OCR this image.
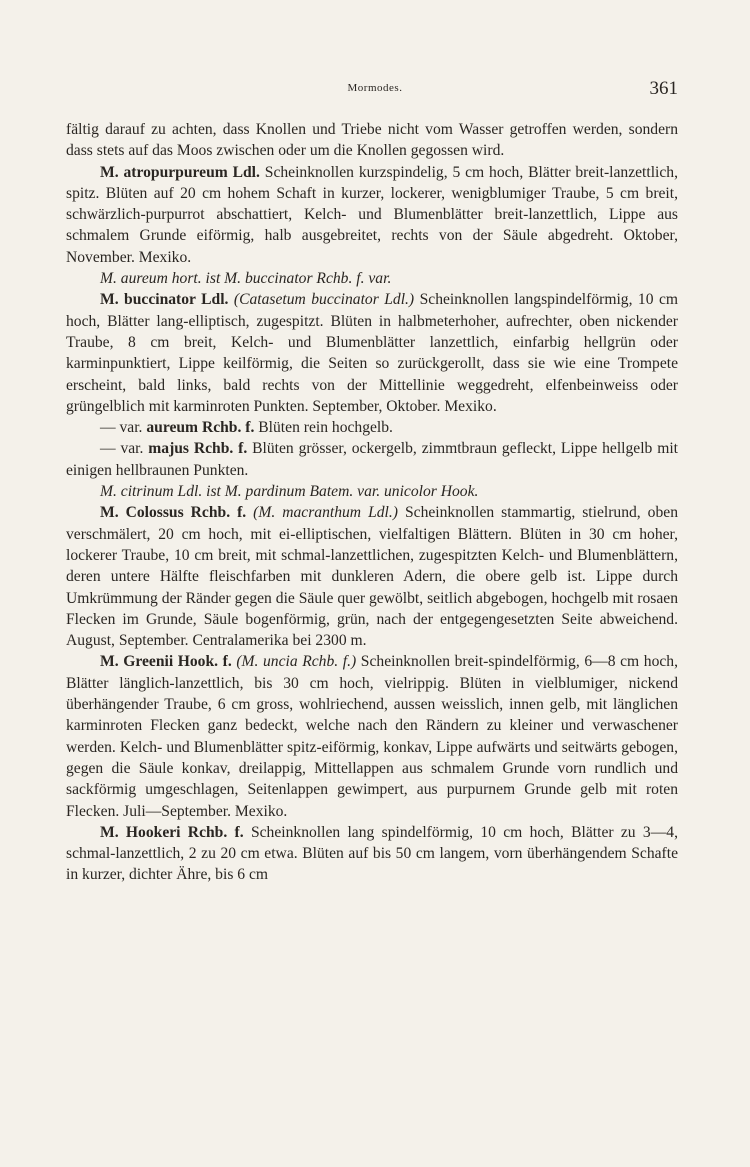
Mormodes.	361

fältig darauf zu achten, dass Knollen und Triebe nicht vom Wasser getroffen werden, sondern dass stets auf das Moos zwischen oder um die Knollen gegossen wird.

M. atropurpureum Ldl. Scheinknollen kurzspindelig, 5 cm hoch, Blätter breit-lanzettlich, spitz. Blüten auf 20 cm hohem Schaft in kurzer, lockerer, wenigblumiger Traube, 5 cm breit, schwärzlich-purpurrot abschattiert, Kelch- und Blumenblätter breit-lanzettlich, Lippe aus schmalem Grunde eiförmig, halb ausgebreitet, rechts von der Säule abgedreht. Oktober, November. Mexiko.

M. aureum hort. ist M. buccinator Rchb. f. var.

M. buccinator Ldl. (Catasetum buccinator Ldl.) Scheinknollen langspindelförmig, 10 cm hoch, Blätter lang-elliptisch, zugespitzt. Blüten in halbmeterhoher, aufrechter, oben nickender Traube, 8 cm breit, Kelch- und Blumenblätter lanzettlich, einfarbig hellgrün oder karminpunktiert, Lippe keilförmig, die Seiten so zurückgerollt, dass sie wie eine Trompete erscheint, bald links, bald rechts von der Mittellinie weggedreht, elfenbeinweiss oder grüngelblich mit karminroten Punkten. September, Oktober. Mexiko.

— var. aureum Rchb. f. Blüten rein hochgelb.

— var. majus Rchb. f. Blüten grösser, ockergelb, zimmtbraun gefleckt, Lippe hellgelb mit einigen hellbraunen Punkten.

M. citrinum Ldl. ist M. pardinum Batem. var. unicolor Hook.

M. Colossus Rchb. f. (M. macranthum Ldl.) Scheinknollen stammartig, stielrund, oben verschmälert, 20 cm hoch, mit ei-elliptischen, vielfaltigen Blättern. Blüten in 30 cm hoher, lockerer Traube, 10 cm breit, mit schmal-lanzettlichen, zugespitzten Kelch- und Blumenblättern, deren untere Hälfte fleischfarben mit dunkleren Adern, die obere gelb ist. Lippe durch Umkrümmung der Ränder gegen die Säule quer gewölbt, seitlich abgebogen, hochgelb mit rosaen Flecken im Grunde, Säule bogenförmig, grün, nach der entgegengesetzten Seite abweichend. August, September. Centralamerika bei 2300 m.

M. Greenii Hook. f. (M. uncia Rchb. f.) Scheinknollen breit-spindelförmig, 6—8 cm hoch, Blätter länglich-lanzettlich, bis 30 cm hoch, vielrippig. Blüten in vielblumiger, nickend überhängender Traube, 6 cm gross, wohlriechend, aussen weisslich, innen gelb, mit länglichen karminroten Flecken ganz bedeckt, welche nach den Rändern zu kleiner und verwaschener werden. Kelch- und Blumenblätter spitz-eiförmig, konkav, Lippe aufwärts und seitwärts gebogen, gegen die Säule konkav, dreilappig, Mittellappen aus schmalem Grunde vorn rundlich und sackförmig umgeschlagen, Seitenlappen gewimpert, aus purpurnem Grunde gelb mit roten Flecken. Juli—September. Mexiko.

M. Hookeri Rchb. f. Scheinknollen lang spindelförmig, 10 cm hoch, Blätter zu 3—4, schmal-lanzettlich, 2 zu 20 cm etwa. Blüten auf bis 50 cm langem, vorn überhängendem Schafte in kurzer, dichter Ähre, bis 6 cm
